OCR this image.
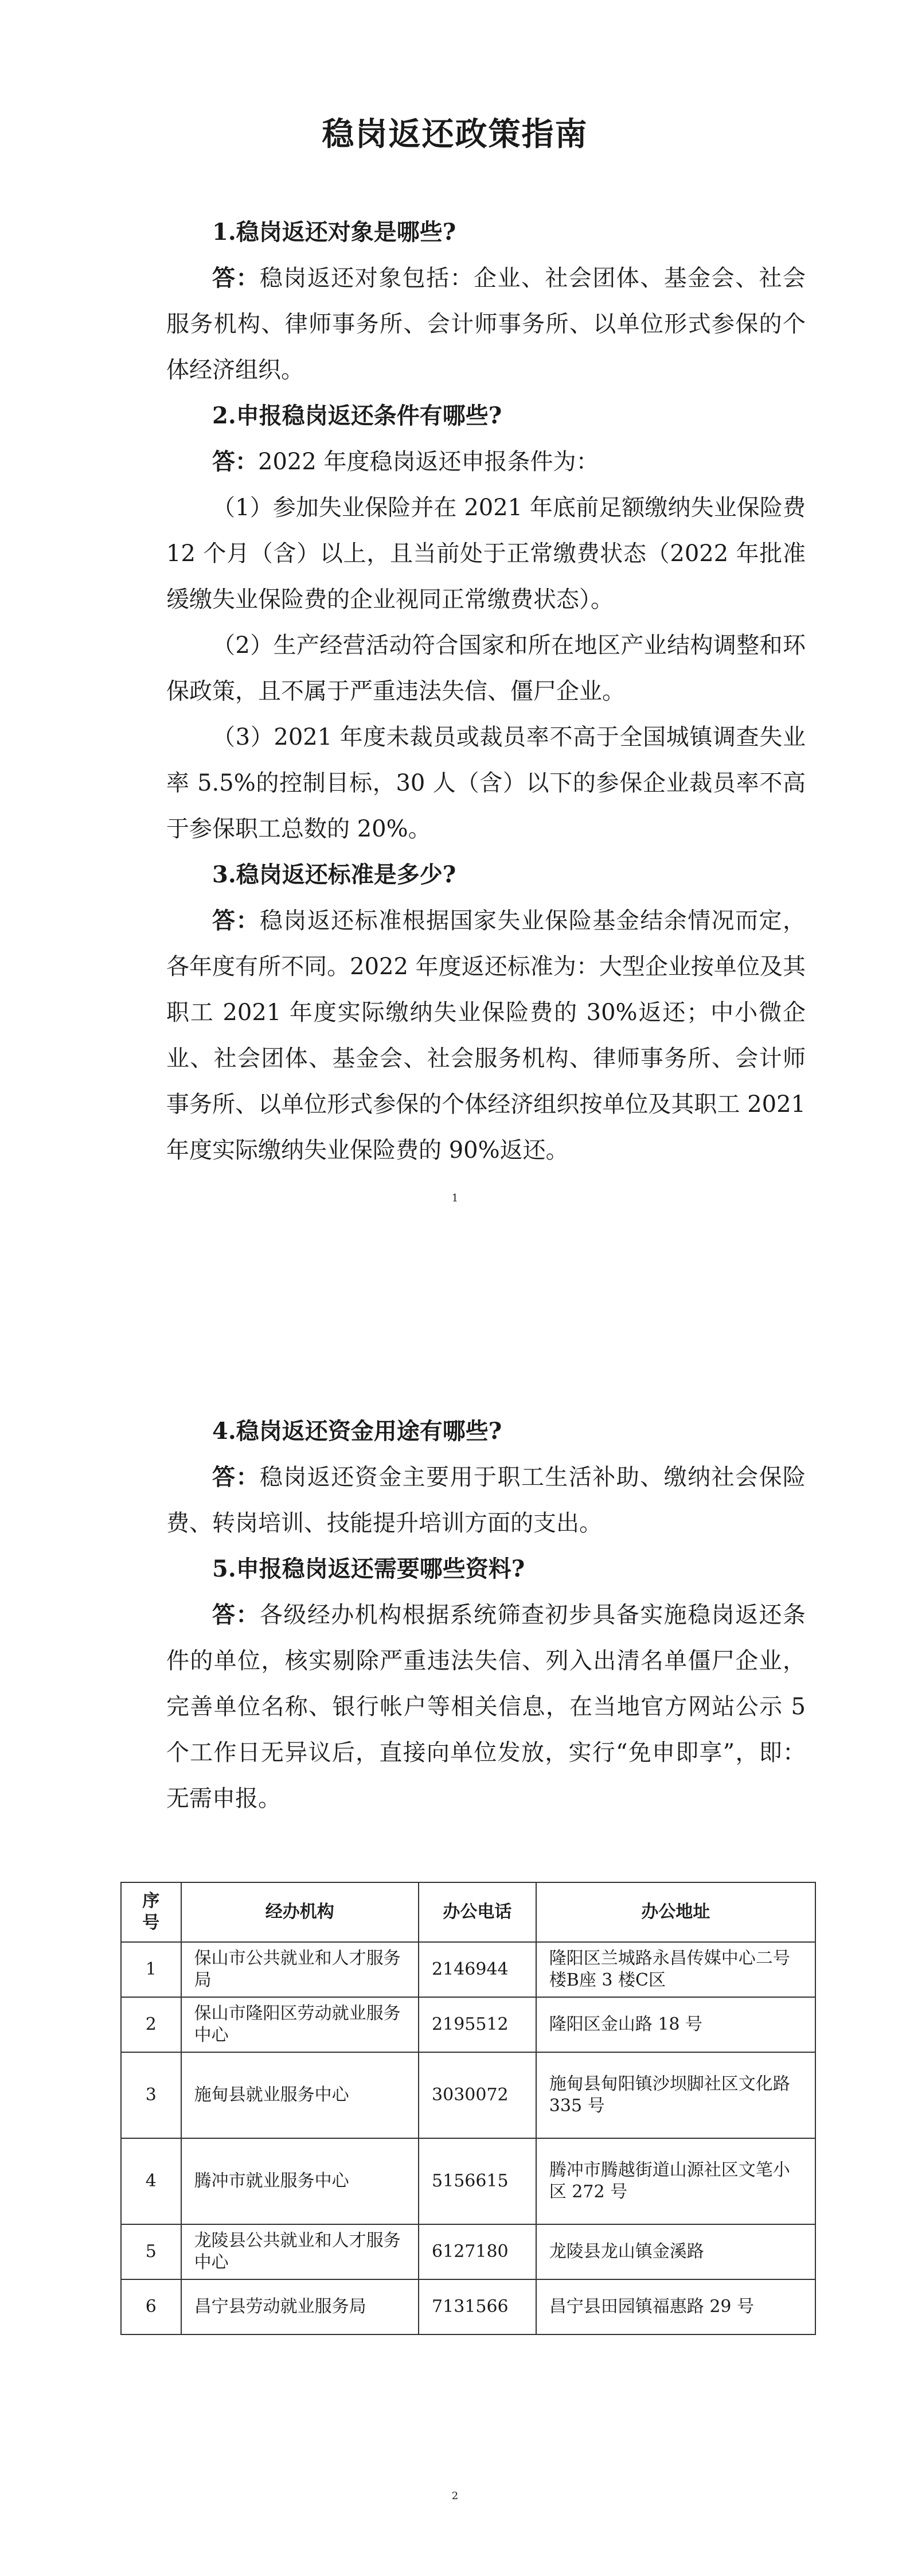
稳岗返还政策指南

1.稳岗返还对象是哪些?

答：稳岗返还对象包括：企业、社会团体、基金会、社会服务机构、律师事务所、会计师事务所、以单位形式参保的个体经济组织。

2.申报稳岗返还条件有哪些?

答：2022 年度稳岗返还申报条件为：

（1）参加失业保险并在 2021 年底前足额缴纳失业保险费 12 个月（含）以上，且当前处于正常缴费状态（2022 年批准缓缴失业保险费的企业视同正常缴费状态）。

（2）生产经营活动符合国家和所在地区产业结构调整和环保政策，且不属于严重违法失信、僵尸企业。

（3）2021 年度未裁员或裁员率不高于全国城镇调查失业率 5.5%的控制目标，30 人（含）以下的参保企业裁员率不高于参保职工总数的 20%。

3.稳岗返还标准是多少?

答：稳岗返还标准根据国家失业保险基金结余情况而定，各年度有所不同。2022 年度返还标准为：大型企业按单位及其职工 2021 年度实际缴纳失业保险费的 30%返还；中小微企业、社会团体、基金会、社会服务机构、律师事务所、会计师事务所、以单位形式参保的个体经济组织按单位及其职工 2021 年度实际缴纳失业保险费的 90%返还。

1

4.稳岗返还资金用途有哪些?

答：稳岗返还资金主要用于职工生活补助、缴纳社会保险费、转岗培训、技能提升培训方面的支出。

5.申报稳岗返还需要哪些资料?

答：各级经办机构根据系统筛查初步具备实施稳岗返还条件的单位，核实剔除严重违法失信、列入出清名单僵尸企业，完善单位名称、银行帐户等相关信息，在当地官方网站公示 5 个工作日无异议后，直接向单位发放，实行“免申即享”，即：无需申报。

序号	经办机构	办公电话	办公地址
1	保山市公共就业和人才服务局	2146944	隆阳区兰城路永昌传媒中心二号楼B座 3 楼C区
2	保山市隆阳区劳动就业服务中心	2195512	隆阳区金山路 18 号
3	施甸县就业服务中心	3030072	施甸县甸阳镇沙坝脚社区文化路 335 号
4	腾冲市就业服务中心	5156615	腾冲市腾越街道山源社区文笔小区 272 号
5	龙陵县公共就业和人才服务中心	6127180	龙陵县龙山镇金溪路
6	昌宁县劳动就业服务局	7131566	昌宁县田园镇福惠路 29 号
2
